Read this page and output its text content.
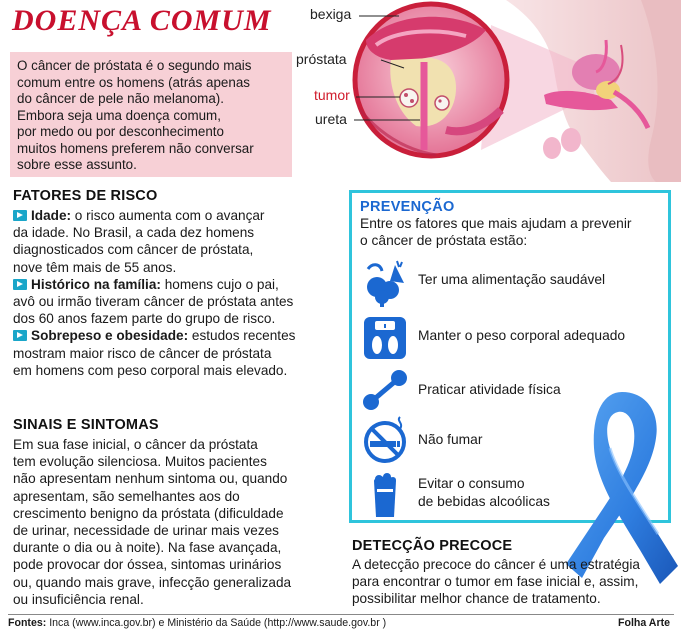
DOENÇA COMUM
O câncer de próstata é o segundo mais
comum entre os homens (atrás apenas
do câncer de pele não melanoma).
Embora seja uma doença comum,
por medo ou por desconhecimento
muitos homens preferem não conversar
sobre esse assunto.
bexiga
próstata
tumor
ureta
FATORES DE RISCO
Idade: o risco aumenta com o avançar
da idade. No Brasil, a cada dez homens
diagnosticados com câncer de próstata,
nove têm mais de 55 anos.
Histórico na família: homens cujo o pai,
avô ou irmão tiveram câncer de próstata antes
dos 60 anos fazem parte do grupo de risco.
Sobrepeso e obesidade: estudos recentes
mostram maior risco de câncer de próstata
em homens com peso corporal mais elevado.
SINAIS E SINTOMAS
Em sua fase inicial, o câncer da próstata
tem evolução silenciosa. Muitos pacientes
não apresentam nenhum sintoma ou, quando
apresentam, são semelhantes aos do
crescimento benigno da próstata (dificuldade
de urinar, necessidade de urinar mais vezes
durante o dia ou à noite). Na fase avançada,
pode provocar dor óssea, sintomas urinários
ou, quando mais grave, infecção generalizada
ou insuficiência renal.
PREVENÇÃO
Entre os fatores que mais ajudam a prevenir
o câncer de próstata estão:
Ter uma alimentação saudável
Manter o peso corporal adequado
Praticar atividade física
Não fumar
Evitar o consumo
de bebidas alcoólicas
DETECÇÃO PRECOCE
A detecção precoce do câncer é uma estratégia
para encontrar o tumor em fase inicial e, assim,
possibilitar melhor chance de tratamento.
Fontes: Inca (www.inca.gov.br) e Ministério da Saúde (http://www.saude.gov.br )	Folha Arte
